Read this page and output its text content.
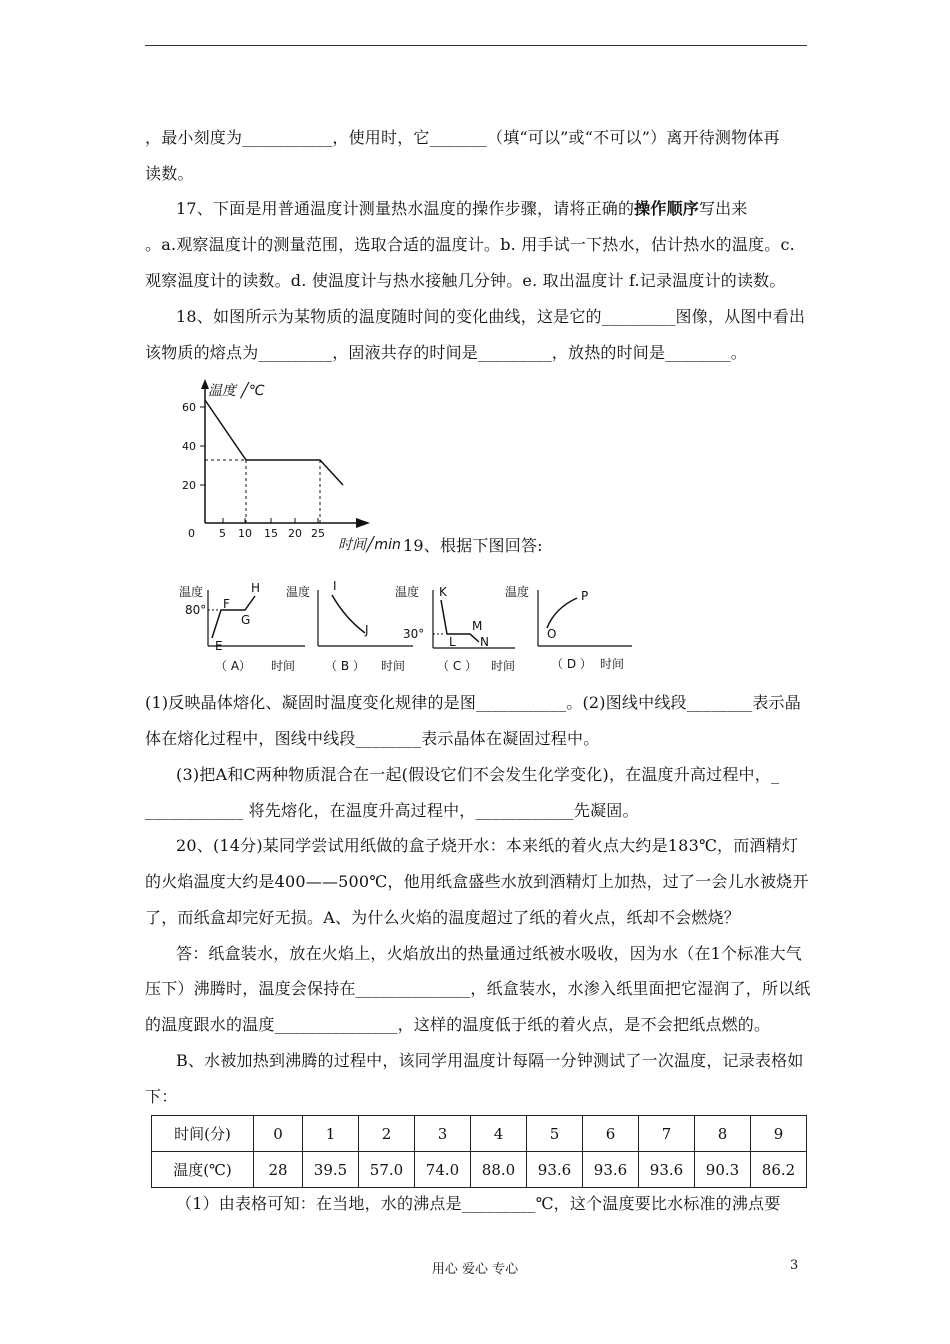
，最小刻度为___________，使用时，它_______（填“可以”或“不可以”）离开待测物体再
读数。
17、下面是用普通温度计测量热水温度的操作步骤，请将正确的操作顺序写出来
。a.观察温度计的测量范围，选取合适的温度计。b. 用手试一下热水，估计热水的温度。c.
观察温度计的读数。d. 使温度计与热水接触几分钟。e. 取出温度计 f.记录温度计的读数。
18、如图所示为某物质的温度随时间的变化曲线，这是它的_________图像，从图中看出
该物质的熔点为_________，固液共存的时间是_________，放热的时间是________。
温度 ╱℃
60
40
20
0 5 10 15 20 25
时间╱min 19、根据下图回答:
温度	H
F
80°
G
E
（ A） 时间
温度 I
J
（ B ） 时间
温度 K
M
30°
L N
（ C ） 时间
温度	P
O
（ D ） 时间
(1)反映晶体熔化、凝固时温度变化规律的是图___________。(2)图线中线段________表示晶
体在熔化过程中，图线中线段________表示晶体在凝固过程中。
(3)把A和C两种物质混合在一起(假设它们不会发生化学变化)，在温度升高过程中，_
____________ 将先熔化，在温度升高过程中，____________先凝固。
20、(14分)某同学尝试用纸做的盒子烧开水：本来纸的着火点大约是183℃，而酒精灯
的火焰温度大约是400——500℃，他用纸盒盛些水放到酒精灯上加热，过了一会儿水被烧开
了，而纸盒却完好无损。A、为什么火焰的温度超过了纸的着火点，纸却不会燃烧？
答：纸盒装水，放在火焰上，火焰放出的热量通过纸被水吸收，因为水（在1个标准大气
压下）沸腾时，温度会保持在______________，纸盒装水，水渗入纸里面把它湿润了，所以纸
的温度跟水的温度_______________，这样的温度低于纸的着火点，是不会把纸点燃的。
B、水被加热到沸腾的过程中，该同学用温度计每隔一分钟测试了一次温度，记录表格如
下：
时间(分)	0	1	2	3	4	5	6	7	8	9
温度(℃)	28	39.5	57.0	74.0	88.0	93.6	93.6	93.6	90.3	86.2
（1）由表格可知：在当地，水的沸点是_________℃，这个温度要比水标准的沸点要
用心 爱心 专心	3
